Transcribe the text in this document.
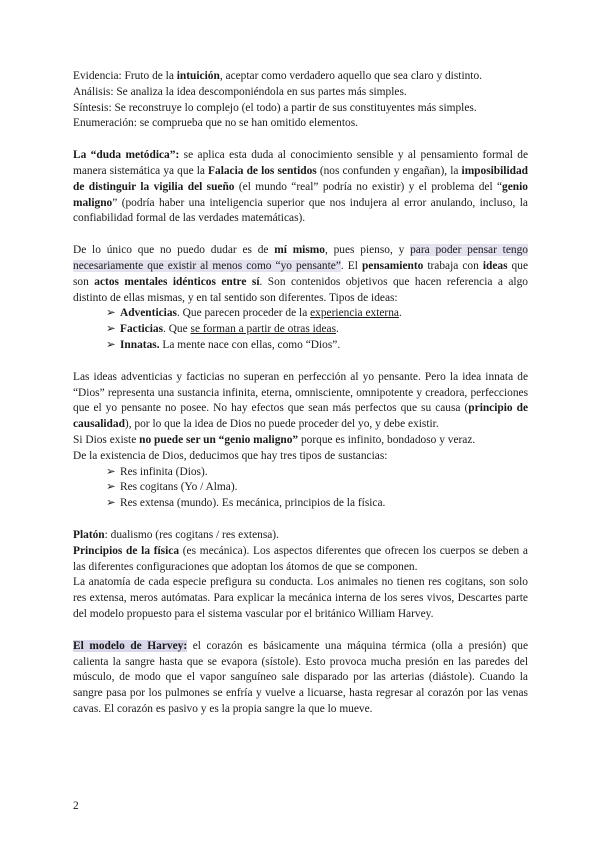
Evidencia: Fruto de la intuición, aceptar como verdadero aquello que sea claro y distinto.

Análisis: Se analiza la idea descomponiéndola en sus partes más simples.

Síntesis: Se reconstruye lo complejo (el todo) a partir de sus constituyentes más simples.

Enumeración: se comprueba que no se han omitido elementos.

La “duda metódica”: se aplica esta duda al conocimiento sensible y al pensamiento formal de manera sistemática ya que la Falacia de los sentidos (nos confunden y engañan), la imposibilidad de distinguir la vigilia del sueño (el mundo “real” podría no existir) y el problema del “genio maligno” (podría haber una inteligencia superior que nos indujera al error anulando, incluso, la confiabilidad formal de las verdades matemáticas).

De lo único que no puedo dudar es de mí mismo, pues pienso, y para poder pensar tengo necesariamente que existir al menos como “yo pensante”. El pensamiento trabaja con ideas que son actos mentales idénticos entre sí. Son contenidos objetivos que hacen referencia a algo distinto de ellas mismas, y en tal sentido son diferentes. Tipos de ideas:

➢ Adventicias. Que parecen proceder de la experiencia externa.
➢ Facticias. Que se forman a partir de otras ideas.
➢ Innatas. La mente nace con ellas, como “Dios”.

Las ideas adventicias y facticias no superan en perfección al yo pensante. Pero la idea innata de “Dios” representa una sustancia infinita, eterna, omnisciente, omnipotente y creadora, perfecciones que el yo pensante no posee. No hay efectos que sean más perfectos que su causa (principio de causalidad), por lo que la idea de Dios no puede proceder del yo, y debe existir.

Si Dios existe no puede ser un “genio maligno” porque es infinito, bondadoso y veraz.

De la existencia de Dios, deducimos que hay tres tipos de sustancias:

➢ Res infinita (Dios).
➢ Res cogitans (Yo / Alma).
➢ Res extensa (mundo). Es mecánica, principios de la física.

Platón: dualismo (res cogitans / res extensa).

Principios de la física (es mecánica). Los aspectos diferentes que ofrecen los cuerpos se deben a las diferentes configuraciones que adoptan los átomos de que se componen.

La anatomía de cada especie prefigura su conducta. Los animales no tienen res cogitans, son solo res extensa, meros autómatas. Para explicar la mecánica interna de los seres vivos, Descartes parte del modelo propuesto para el sistema vascular por el británico William Harvey.

El modelo de Harvey: el corazón es básicamente una máquina térmica (olla a presión) que calienta la sangre hasta que se evapora (sístole). Esto provoca mucha presión en las paredes del músculo, de modo que el vapor sanguíneo sale disparado por las arterias (diástole). Cuando la sangre pasa por los pulmones se enfría y vuelve a licuarse, hasta regresar al corazón por las venas cavas. El corazón es pasivo y es la propia sangre la que lo mueve.

2
